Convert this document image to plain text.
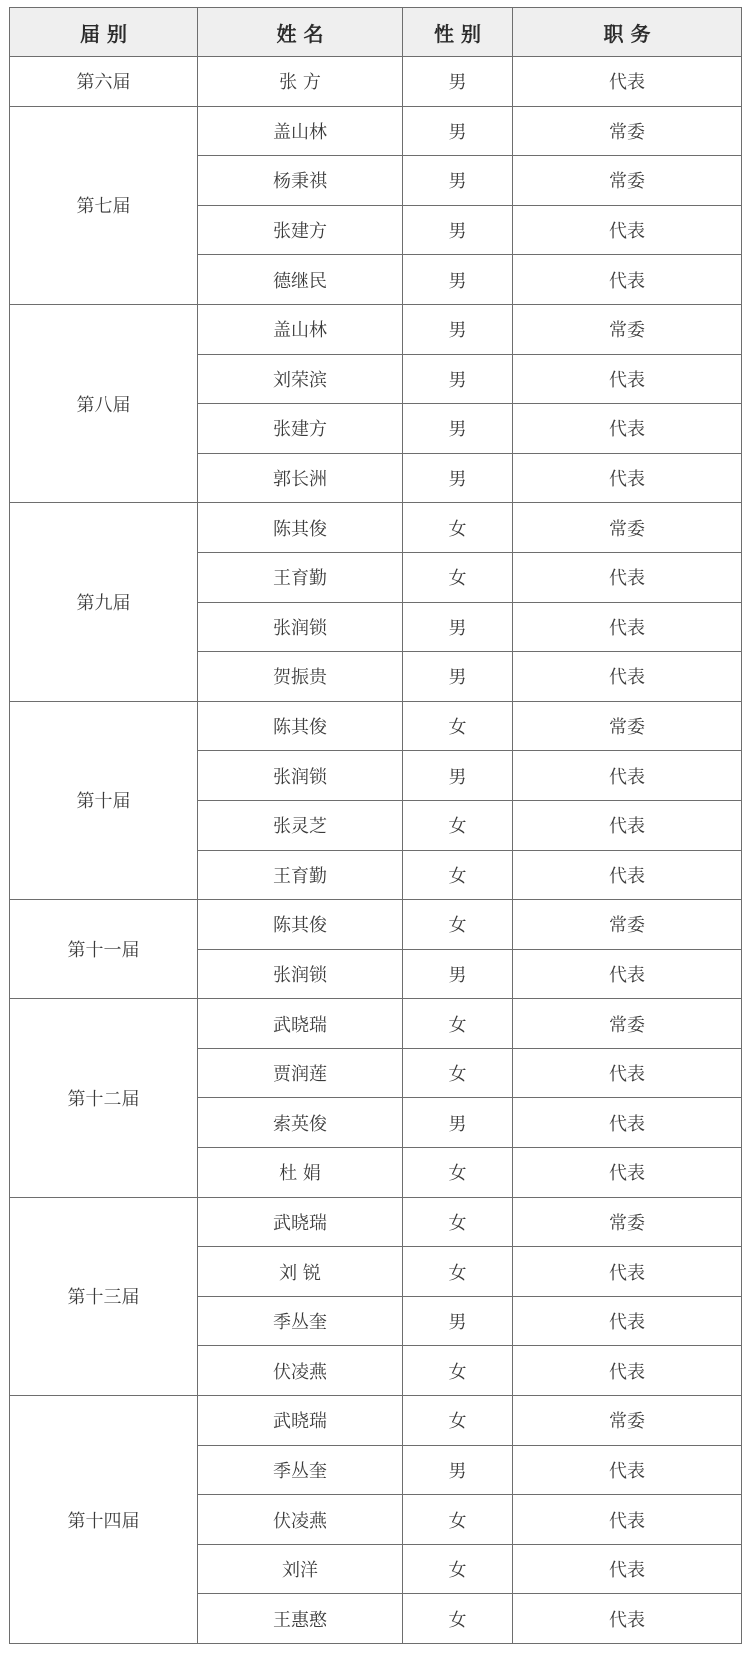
届 别	姓 名	性 别	职 务
第六届	张 方	男	代表
第七届	盖山林	男	常委
	杨秉祺	男	常委
	张建方	男	代表
	德继民	男	代表
第八届	盖山林	男	常委
	刘荣滨	男	代表
	张建方	男	代表
	郭长洲	男	代表
第九届	陈其俊	女	常委
	王育勤	女	代表
	张润锁	男	代表
	贺振贵	男	代表
第十届	陈其俊	女	常委
	张润锁	男	代表
	张灵芝	女	代表
	王育勤	女	代表
第十一届	陈其俊	女	常委
	张润锁	男	代表
第十二届	武晓瑞	女	常委
	贾润莲	女	代表
	索英俊	男	代表
	杜 娟	女	代表
第十三届	武晓瑞	女	常委
	刘 锐	女	代表
	季丛奎	男	代表
	伏凌燕	女	代表
第十四届	武晓瑞	女	常委
	季丛奎	男	代表
	伏凌燕	女	代表
	刘洋	女	代表
	王惠憨	女	代表
